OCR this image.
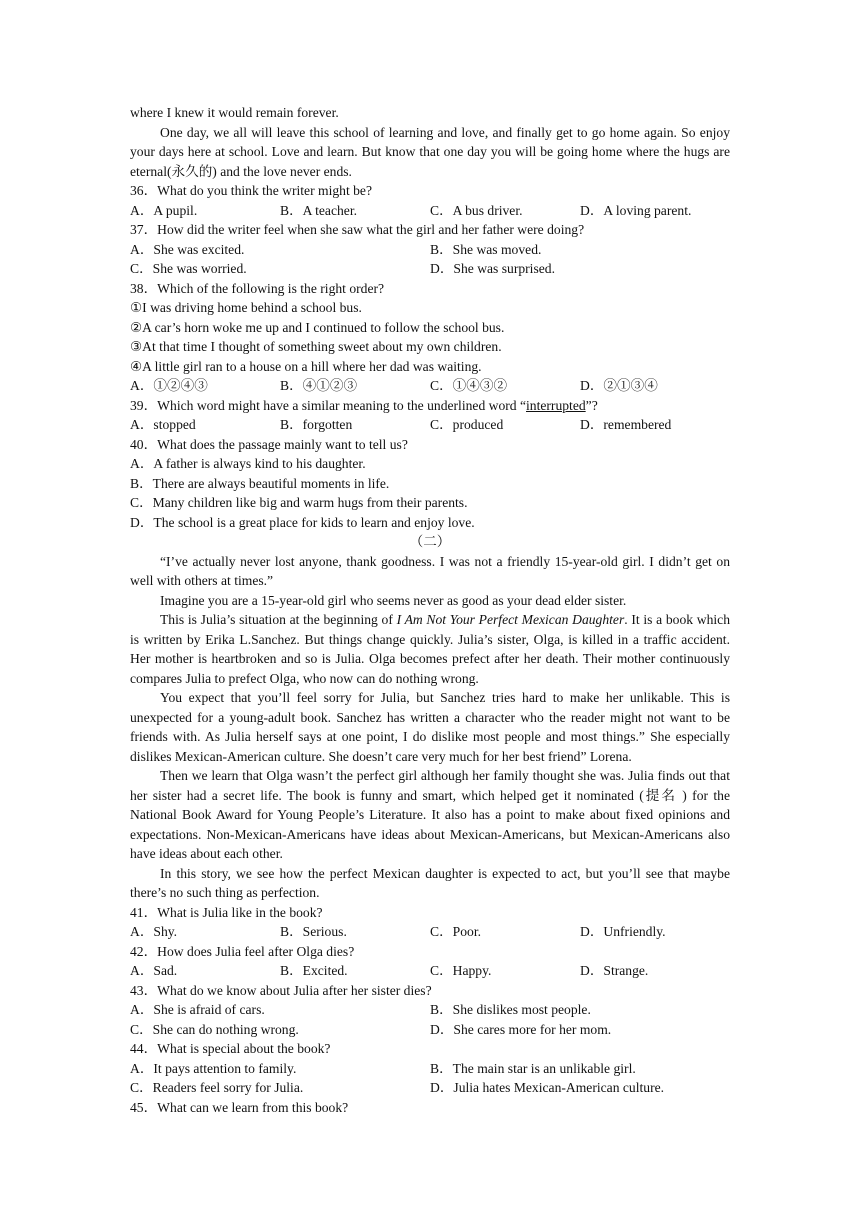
where I knew it would remain forever.

One day, we all will leave this school of learning and love, and finally get to go home again. So enjoy your days here at school. Love and learn. But know that one day you will be going home where the hugs are eternal(永久的) and the love never ends.

36．What do you think the writer might be?

A．A pupil.	B．A teacher.	C．A bus driver.	D．A loving parent.

37．How did the writer feel when she saw what the girl and her father were doing?

A．She was excited.	B．She was moved.
C．She was worried.	D．She was surprised.

38．Which of the following is the right order?

①I was driving home behind a school bus.

②A car’s horn woke me up and I continued to follow the school bus.

③At that time I thought of something sweet about my own children.

④A little girl ran to a house on a hill where her dad was waiting.

A．①②④③	B．④①②③	C．①④③②	D．②①③④

39．Which word might have a similar meaning to the underlined word “interrupted”?

A．stopped	B．forgotten	C．produced	D．remembered

40．What does the passage mainly want to tell us?

A．A father is always kind to his daughter.

B．There are always beautiful moments in life.

C．Many children like big and warm hugs from their parents.

D．The school is a great place for kids to learn and enjoy love.

（二）

“I’ve actually never lost anyone, thank goodness. I was not a friendly 15-year-old girl. I didn’t get on well with others at times.”

Imagine you are a 15-year-old girl who seems never as good as your dead elder sister.

This is Julia’s situation at the beginning of I Am Not Your Perfect Mexican Daughter. It is a book which is written by Erika L.Sanchez. But things change quickly. Julia’s sister, Olga, is killed in a traffic accident. Her mother is heartbroken and so is Julia. Olga becomes prefect after her death. Their mother continuously compares Julia to prefect Olga, who now can do nothing wrong.

You expect that you’ll feel sorry for Julia, but Sanchez tries hard to make her unlikable. This is unexpected for a young-adult book. Sanchez has written a character who the reader might not want to be friends with. As Julia herself says at one point, I do dislike most people and most things.” She especially dislikes Mexican-American culture. She doesn’t care very much for her best friend” Lorena.

Then we learn that Olga wasn’t the perfect girl although her family thought she was. Julia finds out that her sister had a secret life. The book is funny and smart, which helped get it nominated (提名 ) for the National Book Award for Young People’s Literature. It also has a point to make about fixed opinions and expectations. Non-Mexican-Americans have ideas about Mexican-Americans, but Mexican-Americans also have ideas about each other.

In this story, we see how the perfect Mexican daughter is expected to act, but you’ll see that maybe there’s no such thing as perfection.

41．What is Julia like in the book?

A．Shy.	B．Serious.	C．Poor.	D．Unfriendly.

42．How does Julia feel after Olga dies?

A．Sad.	B．Excited.	C．Happy.	D．Strange.

43．What do we know about Julia after her sister dies?

A．She is afraid of cars.	B．She dislikes most people.
C．She can do nothing wrong.	D．She cares more for her mom.

44．What is special about the book?

A．It pays attention to family.	B．The main star is an unlikable girl.
C．Readers feel sorry for Julia.	D．Julia hates Mexican-American culture.

45．What can we learn from this book?
